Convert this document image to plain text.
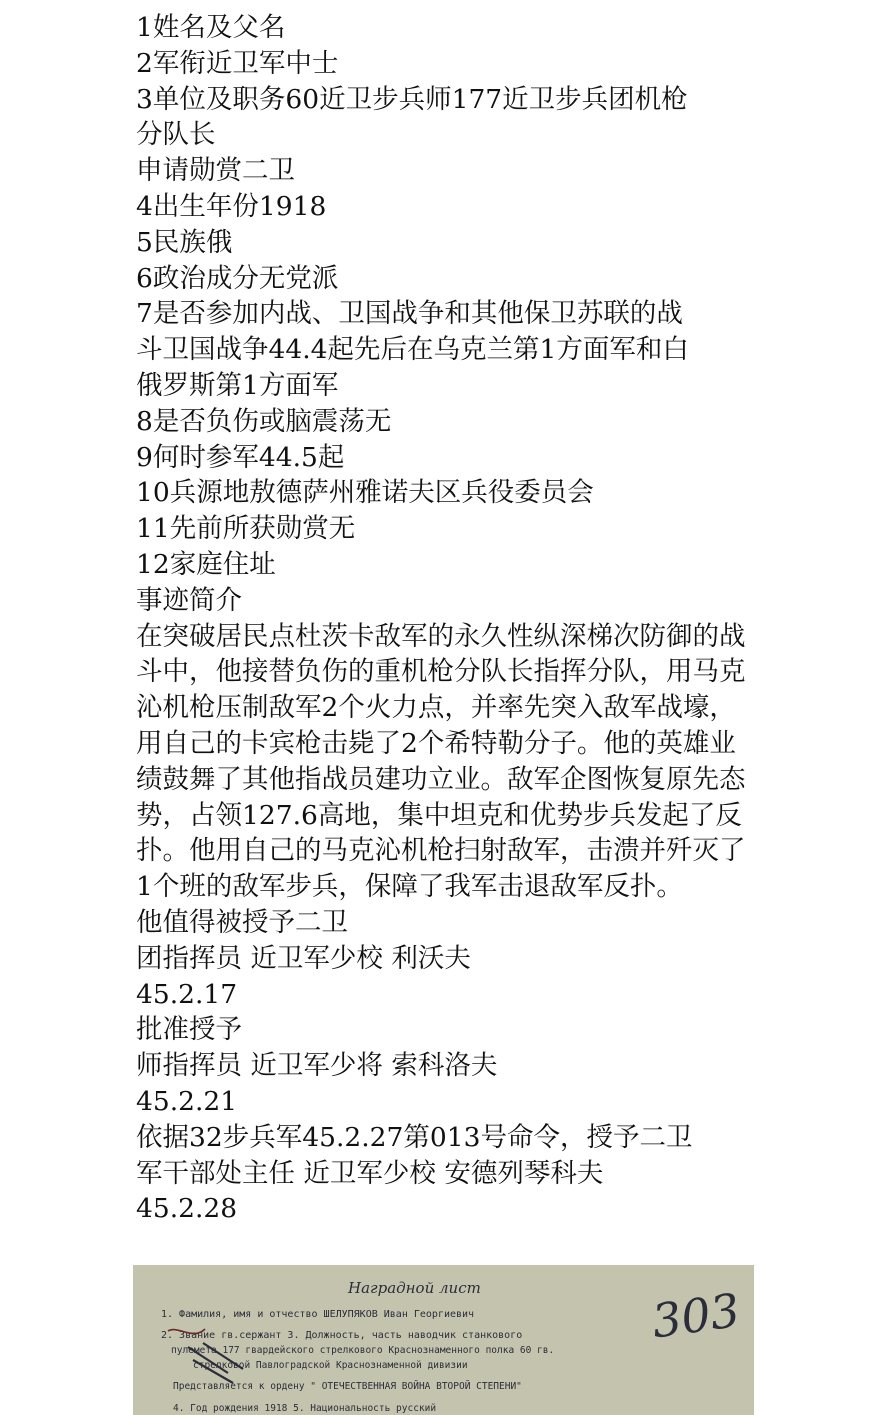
1姓名及父名
2军衔近卫军中士
3单位及职务60近卫步兵师177近卫步兵团机枪
分队长
申请勋赏二卫
4出生年份1918
5民族俄
6政治成分无党派
7是否参加内战、卫国战争和其他保卫苏联的战
斗卫国战争44.4起先后在乌克兰第1方面军和白
俄罗斯第1方面军
8是否负伤或脑震荡无
9何时参军44.5起
10兵源地敖德萨州雅诺夫区兵役委员会
11先前所获勋赏无
12家庭住址
事迹简介
在突破居民点杜茨卡敌军的永久性纵深梯次防御的战斗中，他接替负伤的重机枪分队长指挥分队，用马克沁机枪压制敌军2个火力点，并率先突入敌军战壕，用自己的卡宾枪击毙了2个希特勒分子。他的英雄业绩鼓舞了其他指战员建功立业。敌军企图恢复原先态势，占领127.6高地，集中坦克和优势步兵发起了反扑。他用自己的马克沁机枪扫射敌军，击溃并歼灭了1个班的敌军步兵，保障了我军击退敌军反扑。
他值得被授予二卫
团指挥员 近卫军少校 利沃夫
45.2.17
批准授予
师指挥员 近卫军少将 索科洛夫
45.2.21
依据32步兵军45.2.27第013号命令，授予二卫
军干部处主任 近卫军少校 安德列琴科夫
45.2.28
Наградной лист
1. Фамилия, имя и отчество ШЕЛУПЯКОВ Иван Георгиевич
2. Звание гв.сержант 3. Должность, часть наводчик станкового
пулемета 177 гвардейского стрелкового Краснознаменного полка 60 гв.
стрелковой Павлоградской Краснознаменной дивизии
Представляется к ордену " ОТЕЧЕСТВЕННАЯ ВОЙНА ВТОРОЙ СТЕПЕНИ"
4. Год рождения 1918 5. Национальность русский
303
